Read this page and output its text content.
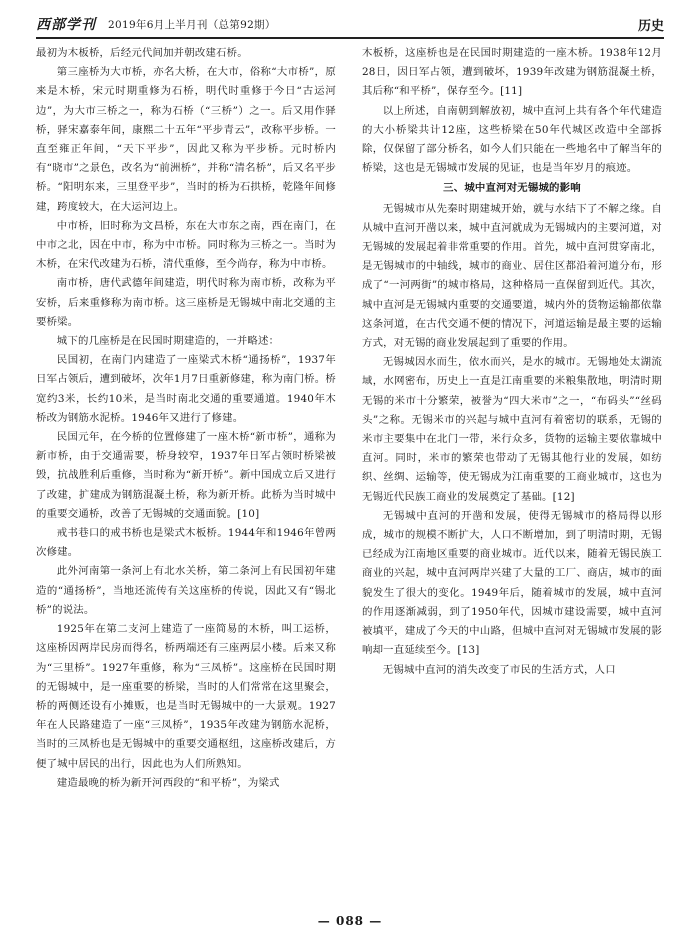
西部学刊 2019年6月上半月刊（总第92期）	历史

最初为木板桥，后经元代间加并朝改建石桥。

第三座桥为大市桥，亦名大桥，在大市，俗称“大市桥”，原来是木桥，宋元时期重修为石桥，明代时重修于今日“古运河边”，为大市三桥之一，称为石桥（“三桥”）之一。后又用作驿桥，驿宋嘉泰年间，康熙二十五年“平步青云”，改称平步桥。一直至雍正年间，“天下平步”，因此又称为平步桥。元时桥内有“晓市”之景色，改名为“前洲桥”，并称“清名桥”，后又名平步桥。“阳明东来，三里登平步”，当时的桥为石拱桥，乾隆年间修建，跨度较大，在大运河边上。

中市桥，旧时称为文昌桥，东在大市东之南，西在南门，在中市之北，因在中市，称为中市桥。同时称为三桥之一。当时为木桥，在宋代改建为石桥，清代重修，至今尚存，称为中市桥。

南市桥，唐代武德年间建造，明代时称为南市桥，改称为平安桥，后来重修称为南市桥。这三座桥是无锡城中南北交通的主要桥梁。

城下的几座桥是在民国时期建造的，一并略述：

民国初，在南门内建造了一座梁式木桥“通扬桥”，1937年日军占领后，遭到破坏，次年1月7日重新修建，称为南门桥。桥宽约3米，长约10米，是当时南北交通的重要通道。1940年木桥改为钢筋水泥桥。1946年又进行了修建。

民国元年，在今桥的位置修建了一座木桥“新市桥”，通称为新市桥，由于交通需要，桥身较窄，1937年日军占领时桥梁被毁，抗战胜利后重修，当时称为“新开桥”。新中国成立后又进行了改建，扩建成为钢筋混凝土桥，称为新开桥。此桥为当时城中的重要交通桥，改善了无锡城的交通面貌。[10]

戒书巷口的戒书桥也是梁式木板桥。1944年和1946年曾两次修建。

此外河南第一条河上有北水关桥，第二条河上有民国初年建造的“通扬桥”，当地还流传有关这座桥的传说，因此又有“锡北桥”的说法。

1925年在第二支河上建造了一座简易的木桥，叫工运桥，这座桥因两岸民房而得名，桥两端还有三座两层小楼。后来又称为“三里桥”。1927年重修，称为“三凤桥”。这座桥在民国时期的无锡城中，是一座重要的桥梁，当时的人们常常在这里聚会，桥的两侧还设有小摊贩，也是当时无锡城中的一大景观。1927年在人民路建造了一座“三凤桥”，1935年改建为钢筋水泥桥，当时的三凤桥也是无锡城中的重要交通枢纽，这座桥改建后，方便了城中居民的出行，因此也为人们所熟知。

建造最晚的桥为新开河西段的“和平桥”，为梁式

木板桥，这座桥也是在民国时期建造的一座木桥。1938年12月28日，因日军占领，遭到破坏，1939年改建为钢筋混凝土桥，其后称“和平桥”，保存至今。[11]

以上所述，自南朝到解放初，城中直河上共有各个年代建造的大小桥梁共计12座，这些桥梁在50年代城区改造中全部拆除，仅保留了部分桥名，如今人们只能在一些地名中了解当年的桥梁，这也是无锡城市发展的见证，也是当年岁月的痕迹。

三、城中直河对无锡城的影响

无锡城市从先秦时期建城开始，就与水结下了不解之缘。自从城中直河开凿以来，城中直河就成为无锡城内的主要河道，对无锡城的发展起着非常重要的作用。首先，城中直河贯穿南北，是无锡城市的中轴线，城市的商业、居住区都沿着河道分布，形成了“一河两街”的城市格局，这种格局一直保留到近代。其次，城中直河是无锡城内重要的交通要道，城内外的货物运输都依靠这条河道，在古代交通不便的情况下，河道运输是最主要的运输方式，对无锡的商业发展起到了重要的作用。

无锡城因水而生，依水而兴，是水的城市。无锡地处太湖流域，水网密布，历史上一直是江南重要的米粮集散地，明清时期无锡的米市十分繁荣，被誉为“四大米市”之一，“布码头”“丝码头”之称。无锡米市的兴起与城中直河有着密切的联系，无锡的米市主要集中在北门一带，米行众多，货物的运输主要依靠城中直河。同时，米市的繁荣也带动了无锡其他行业的发展，如纺织、丝绸、运输等，使无锡成为江南重要的工商业城市，这也为无锡近代民族工商业的发展奠定了基础。[12]

无锡城中直河的开凿和发展，使得无锡城市的格局得以形成，城市的规模不断扩大，人口不断增加，到了明清时期，无锡已经成为江南地区重要的商业城市。近代以来，随着无锡民族工商业的兴起，城中直河两岸兴建了大量的工厂、商店，城市的面貌发生了很大的变化。1949年后，随着城市的发展，城中直河的作用逐渐减弱，到了1950年代，因城市建设需要，城中直河被填平，建成了今天的中山路，但城中直河对无锡城市发展的影响却一直延续至今。[13]

无锡城中直河的消失改变了市民的生活方式，人口

— 088 —
